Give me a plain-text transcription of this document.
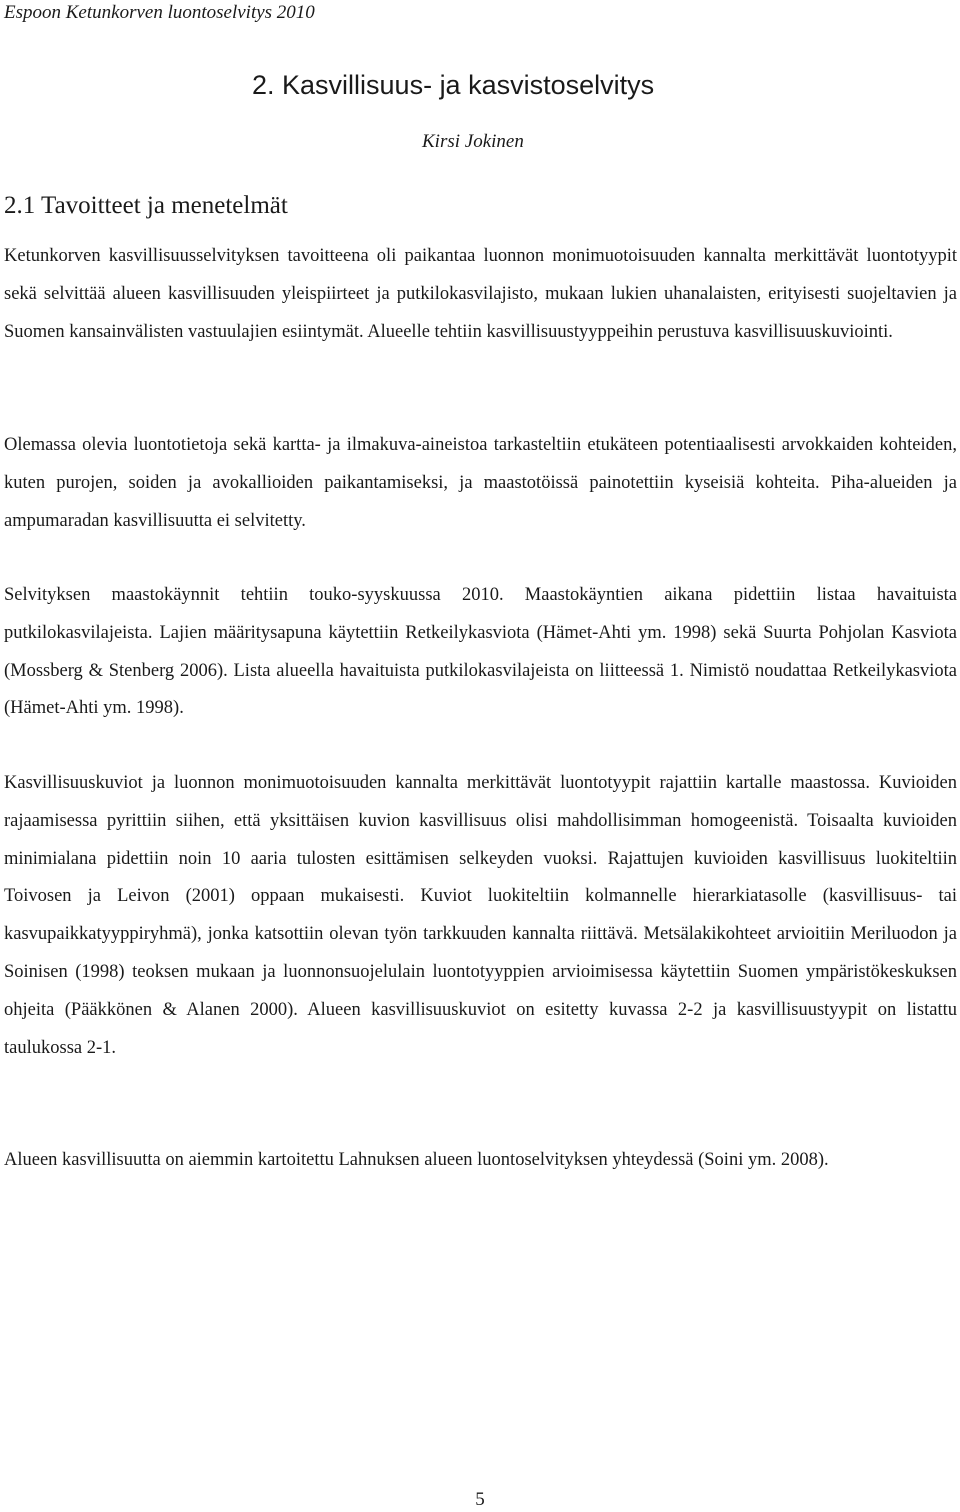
Espoon Ketunkorven luontoselvitys 2010
2. Kasvillisuus- ja kasvistoselvitys
Kirsi Jokinen
2.1 Tavoitteet ja menetelmät

Ketunkorven kasvillisuusselvityksen tavoitteena oli paikantaa luonnon monimuotoisuuden kannalta merkittävät luontotyypit sekä selvittää alueen kasvillisuuden yleispiirteet ja putkilokasvilajisto, mukaan lukien uhanalaisten, erityisesti suojeltavien ja Suomen kansainvälisten vastuulajien esiintymät. Alueelle tehtiin kasvillisuustyyppeihin perustuva kasvillisuuskuviointi.

Olemassa olevia luontotietoja sekä kartta- ja ilmakuva-aineistoa tarkasteltiin etukäteen potentiaalisesti arvokkaiden kohteiden, kuten purojen, soiden ja avokallioiden paikantamiseksi, ja maastotöissä painotettiin kyseisiä kohteita. Piha-alueiden ja ampumaradan kasvillisuutta ei selvitetty.

Selvityksen maastokäynnit tehtiin touko-syyskuussa 2010. Maastokäyntien aikana pidettiin listaa havaituista putkilokasvilajeista. Lajien määritysapuna käytettiin Retkeilykasviota (Hämet-Ahti ym. 1998) sekä Suurta Pohjolan Kasviota (Mossberg & Stenberg 2006). Lista alueella havaituista putkilokasvilajeista on liitteessä 1. Nimistö noudattaa Retkeilykasviota (Hämet-Ahti ym. 1998).

Kasvillisuuskuviot ja luonnon monimuotoisuuden kannalta merkittävät luontotyypit rajattiin kartalle maastossa. Kuvioiden rajaamisessa pyrittiin siihen, että yksittäisen kuvion kasvillisuus olisi mahdollisimman homogeenistä. Toisaalta kuvioiden minimialana pidettiin noin 10 aaria tulosten esittämisen selkeyden vuoksi. Rajattujen kuvioiden kasvillisuus luokiteltiin Toivosen ja Leivon (2001) oppaan mukaisesti. Kuviot luokiteltiin kolmannelle hierarkiatasolle (kasvillisuus- tai kasvupaikkatyyppiryhmä), jonka katsottiin olevan työn tarkkuuden kannalta riittävä. Metsälakikohteet arvioitiin Meriluodon ja Soinisen (1998) teoksen mukaan ja luonnonsuojelulain luontotyyppien arvioimisessa käytettiin Suomen ympäristökeskuksen ohjeita (Pääkkönen & Alanen 2000). Alueen kasvillisuuskuviot on esitetty kuvassa 2-2 ja kasvillisuustyypit on listattu taulukossa 2-1.

Alueen kasvillisuutta on aiemmin kartoitettu Lahnuksen alueen luontoselvityksen yhteydessä (Soini ym. 2008).

5
